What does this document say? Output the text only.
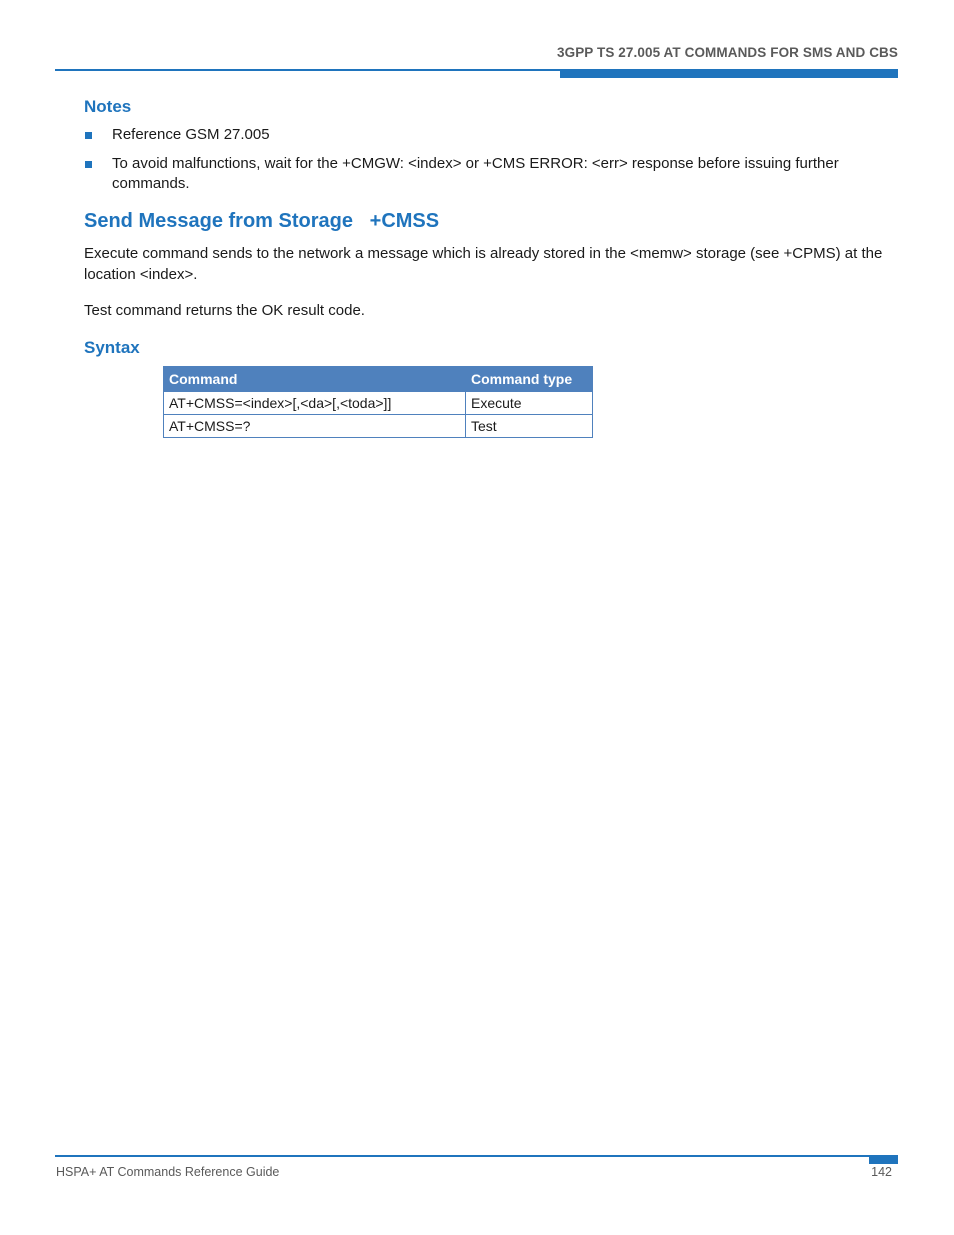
3GPP TS 27.005 AT COMMANDS FOR SMS AND CBS
Notes
Reference GSM 27.005
To avoid malfunctions, wait for the +CMGW: <index> or +CMS ERROR: <err> response before issuing further commands.
Send Message from Storage   +CMSS

Execute command sends to the network a message which is already stored in the <memw> storage (see +CPMS) at the location <index>.

Test command returns the OK result code.

Syntax
Command	Command type
AT+CMSS=<index>[,<da>[,<toda>]]	Execute
AT+CMSS=?	Test
HSPA+ AT Commands Reference Guide	142
